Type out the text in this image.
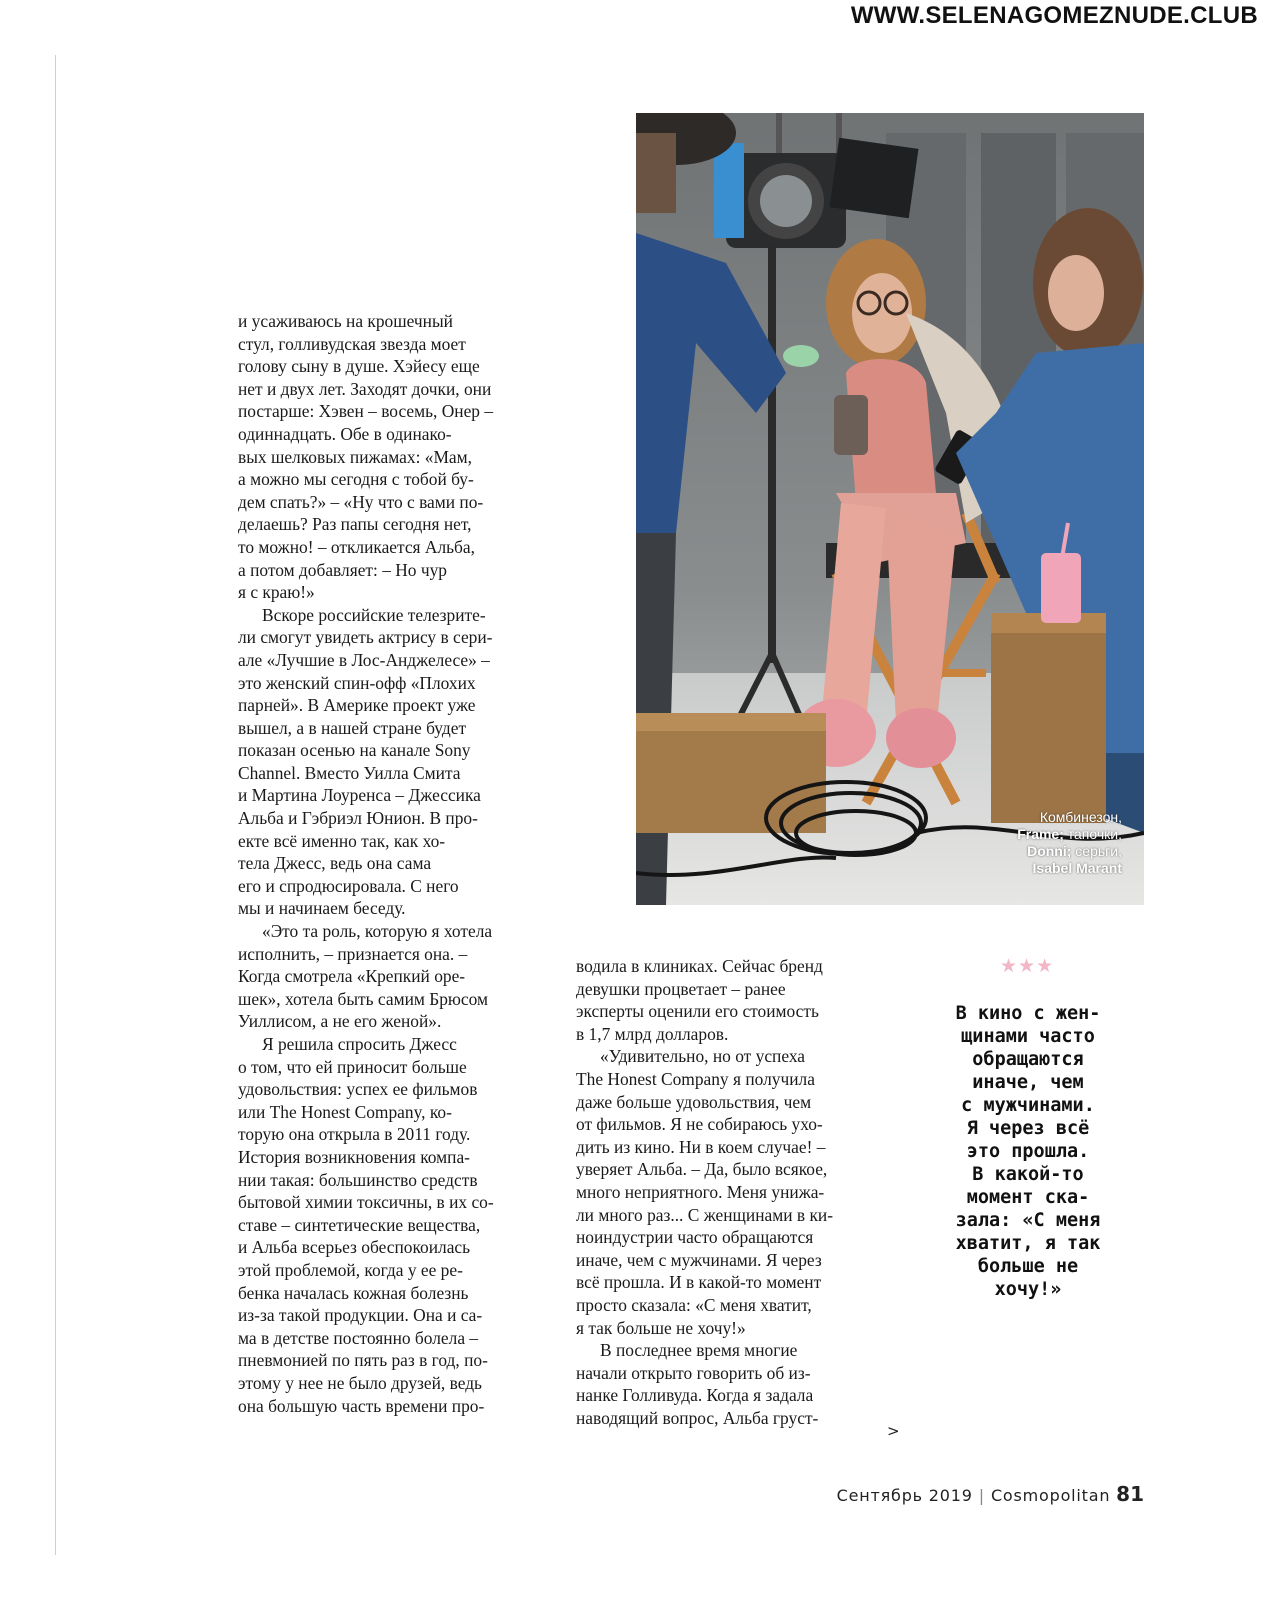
WWW.SELENAGOMEZNUDE.CLUB

и усаживаюсь на крошечный
стул, голливудская звезда моет
голову сыну в душе. Хэйесу еще
нет и двух лет. Заходят дочки, они
постарше: Хэвен – восемь, Онер –
одиннадцать. Обе в одинако-
вых шелковых пижамах: «Мам,
а можно мы сегодня с тобой бу-
дем спать?» – «Ну что с вами по-
делаешь? Раз папы сегодня нет,
то можно! – откликается Альба,
а потом добавляет: – Но чур
я с краю!»

Вскоре российские телезрите-
ли смогут увидеть актрису в сери-
але «Лучшие в Лос-Анджелесе» –
это женский спин-офф «Плохих
парней». В Америке проект уже
вышел, а в нашей стране будет
показан осенью на канале Sony
Channel. Вместо Уилла Смита
и Мартина Лоуренса – Джессика
Альба и Гэбриэл Юнион. В про-
екте всё именно так, как хо-
тела Джесс, ведь она сама
его и спродюсировала. С него
мы и начинаем беседу.

«Это та роль, которую я хотела
исполнить, – признается она. –
Когда смотрела «Крепкий оре-
шек», хотела быть самим Брюсом
Уиллисом, а не его женой».

Я решила спросить Джесс
о том, что ей приносит больше
удовольствия: успех ее фильмов
или The Honest Company, ко-
торую она открыла в 2011 году.
История возникновения компа-
нии такая: большинство средств
бытовой химии токсичны, в их со-
ставе – синтетические вещества,
и Альба всерьез обеспокоилась
этой проблемой, когда у ее ре-
бенка началась кожная болезнь
из-за такой продукции. Она и са-
ма в детстве постоянно болела –
пневмонией по пять раз в год, по-
этому у нее не было друзей, ведь
она большую часть времени про-

водила в клиниках. Сейчас бренд
девушки процветает – ранее
эксперты оценили его стоимость
в 1,7 млрд долларов.

«Удивительно, но от успеха
The Honest Company я получила
даже больше удовольствия, чем
от фильмов. Я не собираюсь ухо-
дить из кино. Ни в коем случае! –
уверяет Альба. – Да, было всякое,
много неприятного. Меня унижа-
ли много раз... С женщинами в ки-
ноиндустрии часто обращаются
иначе, чем с мужчинами. Я через
всё прошла. И в какой-то момент
просто сказала: «С меня хватит,
я так больше не хочу!»

В последнее время многие
начали открыто говорить об из-
нанке Голливуда. Когда я задала
наводящий вопрос, Альба груст-

Комбинезон,
Frame; тапочки,
Donni; серьги,
Isabel Marant
★★★
В кино с жен-
щинами часто
обращаются
иначе, чем
с мужчинами.
Я через всё
это прошла.
В какой-то
момент ска-
зала: «С меня
хватит, я так
больше не
хочу!»
>
Сентябрь 2019 | Cosmopolitan 81
